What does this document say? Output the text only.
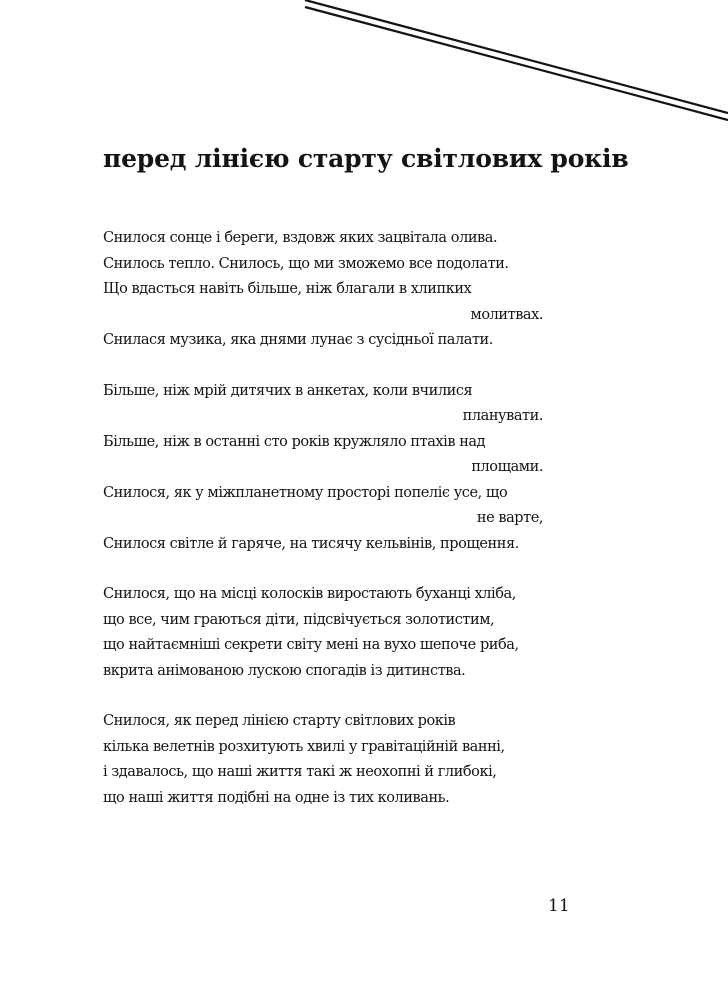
перед лінією старту світлових років
Снилося сонце і береги, вздовж яких зацвітала олива.
Снилось тепло. Снилось, що ми зможемо все подолати.
Що вдасться навіть більше, ніж благали в хлипких
молитвах.
Снилася музика, яка днями лунає з сусідньої палати.
Більше, ніж мрій дитячих в анкетах, коли вчилися
планувати.
Більше, ніж в останні сто років кружляло птахів над
площами.
Снилося, як у міжпланетному просторі попеліє усе, що
не варте,
Снилося світле й гаряче, на тисячу кельвінів, прощення.
Снилося, що на місці колосків виростають буханці хліба,
що все, чим граються діти, підсвічується золотистим,
що найтаємніші секрети світу мені на вухо шепоче риба,
вкрита анімованою лускою спогадів із дитинства.
Снилося, як перед лінією старту світлових років
кілька велетнів розхитують хвилі у гравітаційній ванні,
і здавалось, що наші життя такі ж неохопні й глибокі,
що наші життя подібні на одне із тих коливань.
11
